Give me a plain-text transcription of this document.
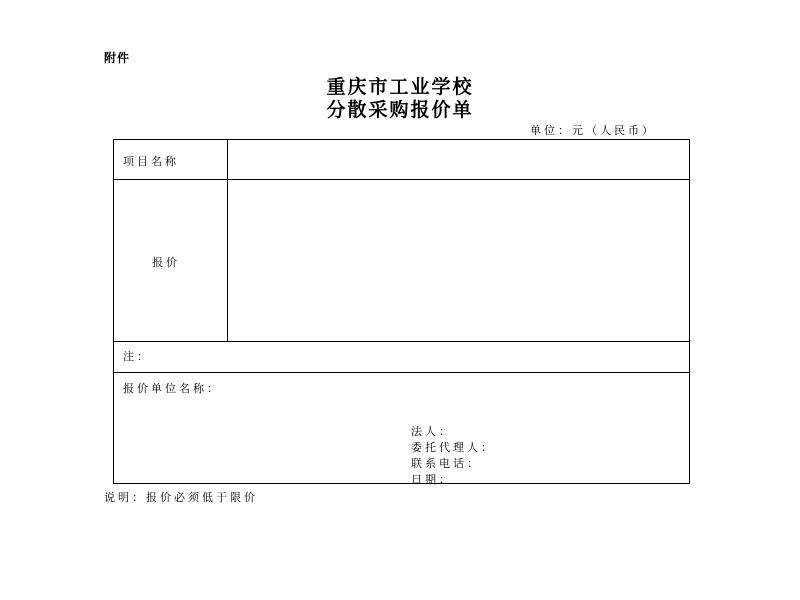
附件
重庆市工业学校
分散采购报价单
单位：元（人民币）
项目名称
报价
注：
报价单位名称：
法人：
委托代理人：
联系电话：
日期：
说明：报价必须低于限价
